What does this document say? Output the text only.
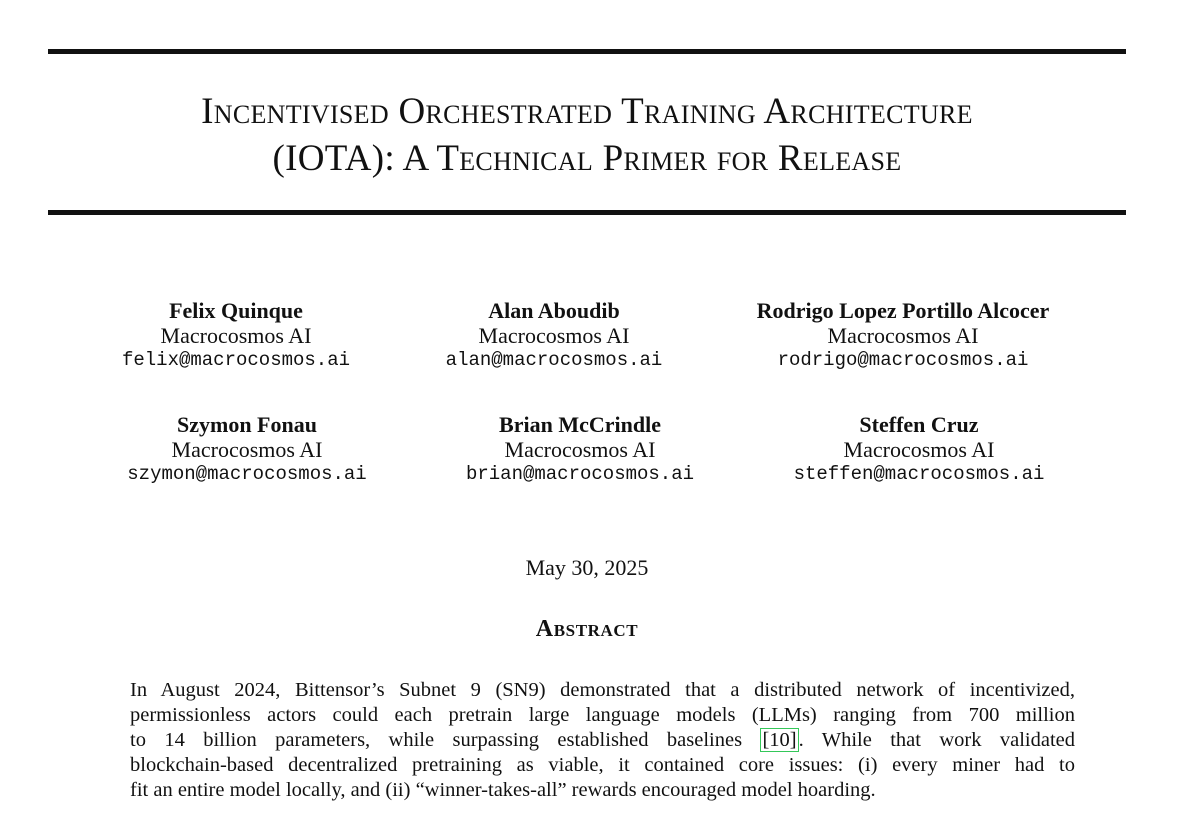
Incentivised Orchestrated Training Architecture
(IOTA): A Technical Primer for Release
Felix Quinque
Macrocosmos AI
felix@macrocosmos.ai
Alan Aboudib
Macrocosmos AI
alan@macrocosmos.ai
Rodrigo Lopez Portillo Alcocer
Macrocosmos AI
rodrigo@macrocosmos.ai
Szymon Fonau
Macrocosmos AI
szymon@macrocosmos.ai
Brian McCrindle
Macrocosmos AI
brian@macrocosmos.ai
Steffen Cruz
Macrocosmos AI
steffen@macrocosmos.ai
May 30, 2025
Abstract
In August 2024, Bittensor’s Subnet 9 (SN9) demonstrated that a distributed network of incentivized,
permissionless actors could each pretrain large language models (LLMs) ranging from 700 million
to 14 billion parameters, while surpassing established baselines [10]. While that work validated
blockchain-based decentralized pretraining as viable, it contained core issues: (i) every miner had to
fit an entire model locally, and (ii) “winner-takes-all” rewards encouraged model hoarding.
